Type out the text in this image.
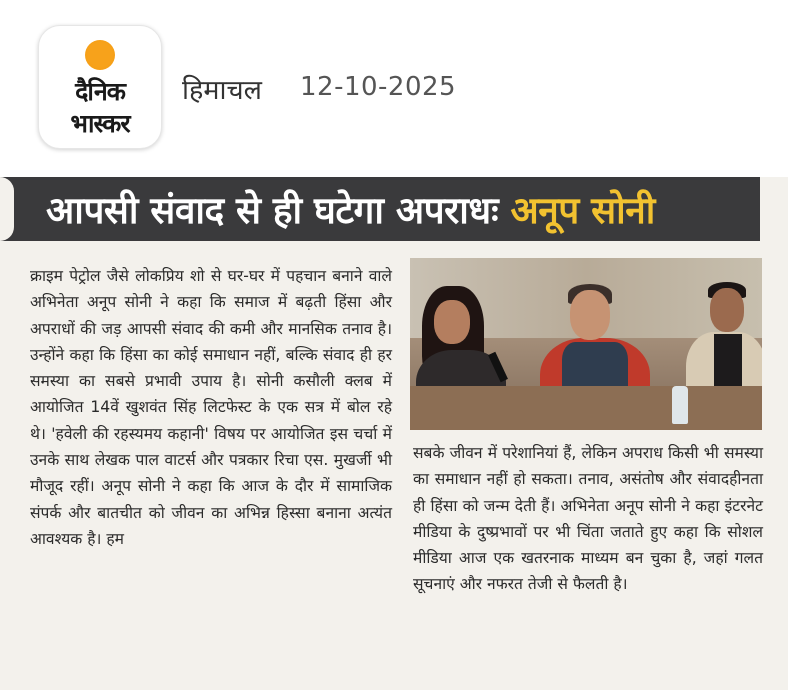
दैनिक
भास्कर
हिमाचल 12-10-2025
आपसी संवाद से ही घटेगा अपराधः अनूप सोनी
क्राइम पेट्रोल जैसे लोकप्रिय शो से घर-घर में पहचान बनाने वाले अभिनेता अनूप सोनी ने कहा कि समाज में बढ़ती हिंसा और अपराधों की जड़ आपसी संवाद की कमी और मानसिक तनाव है। उन्होंने कहा कि हिंसा का कोई समाधान नहीं, बल्कि संवाद ही हर समस्या का सबसे प्रभावी उपाय है। सोनी कसौली क्लब में आयोजित 14वें खुशवंत सिंह लिटफेस्ट के एक सत्र में बोल रहे थे। 'हवेली की रहस्यमय कहानी' विषय पर आयोजित इस चर्चा में उनके साथ लेखक पाल वाटर्स और पत्रकार रिचा एस. मुखर्जी भी मौजूद रहीं। अनूप सोनी ने कहा कि आज के दौर में सामाजिक संपर्क और बातचीत को जीवन का अभिन्न हिस्सा बनाना अत्यंत आवश्यक है। हम
सबके जीवन में परेशानियां हैं, लेकिन अपराध किसी भी समस्या का समाधान नहीं हो सकता। तनाव, असंतोष और संवादहीनता ही हिंसा को जन्म देती हैं। अभिनेता अनूप सोनी ने कहा इंटरनेट मीडिया के दुष्प्रभावों पर भी चिंता जताते हुए कहा कि सोशल मीडिया आज एक खतरनाक माध्यम बन चुका है, जहां गलत सूचनाएं और नफरत तेजी से फैलती है।
